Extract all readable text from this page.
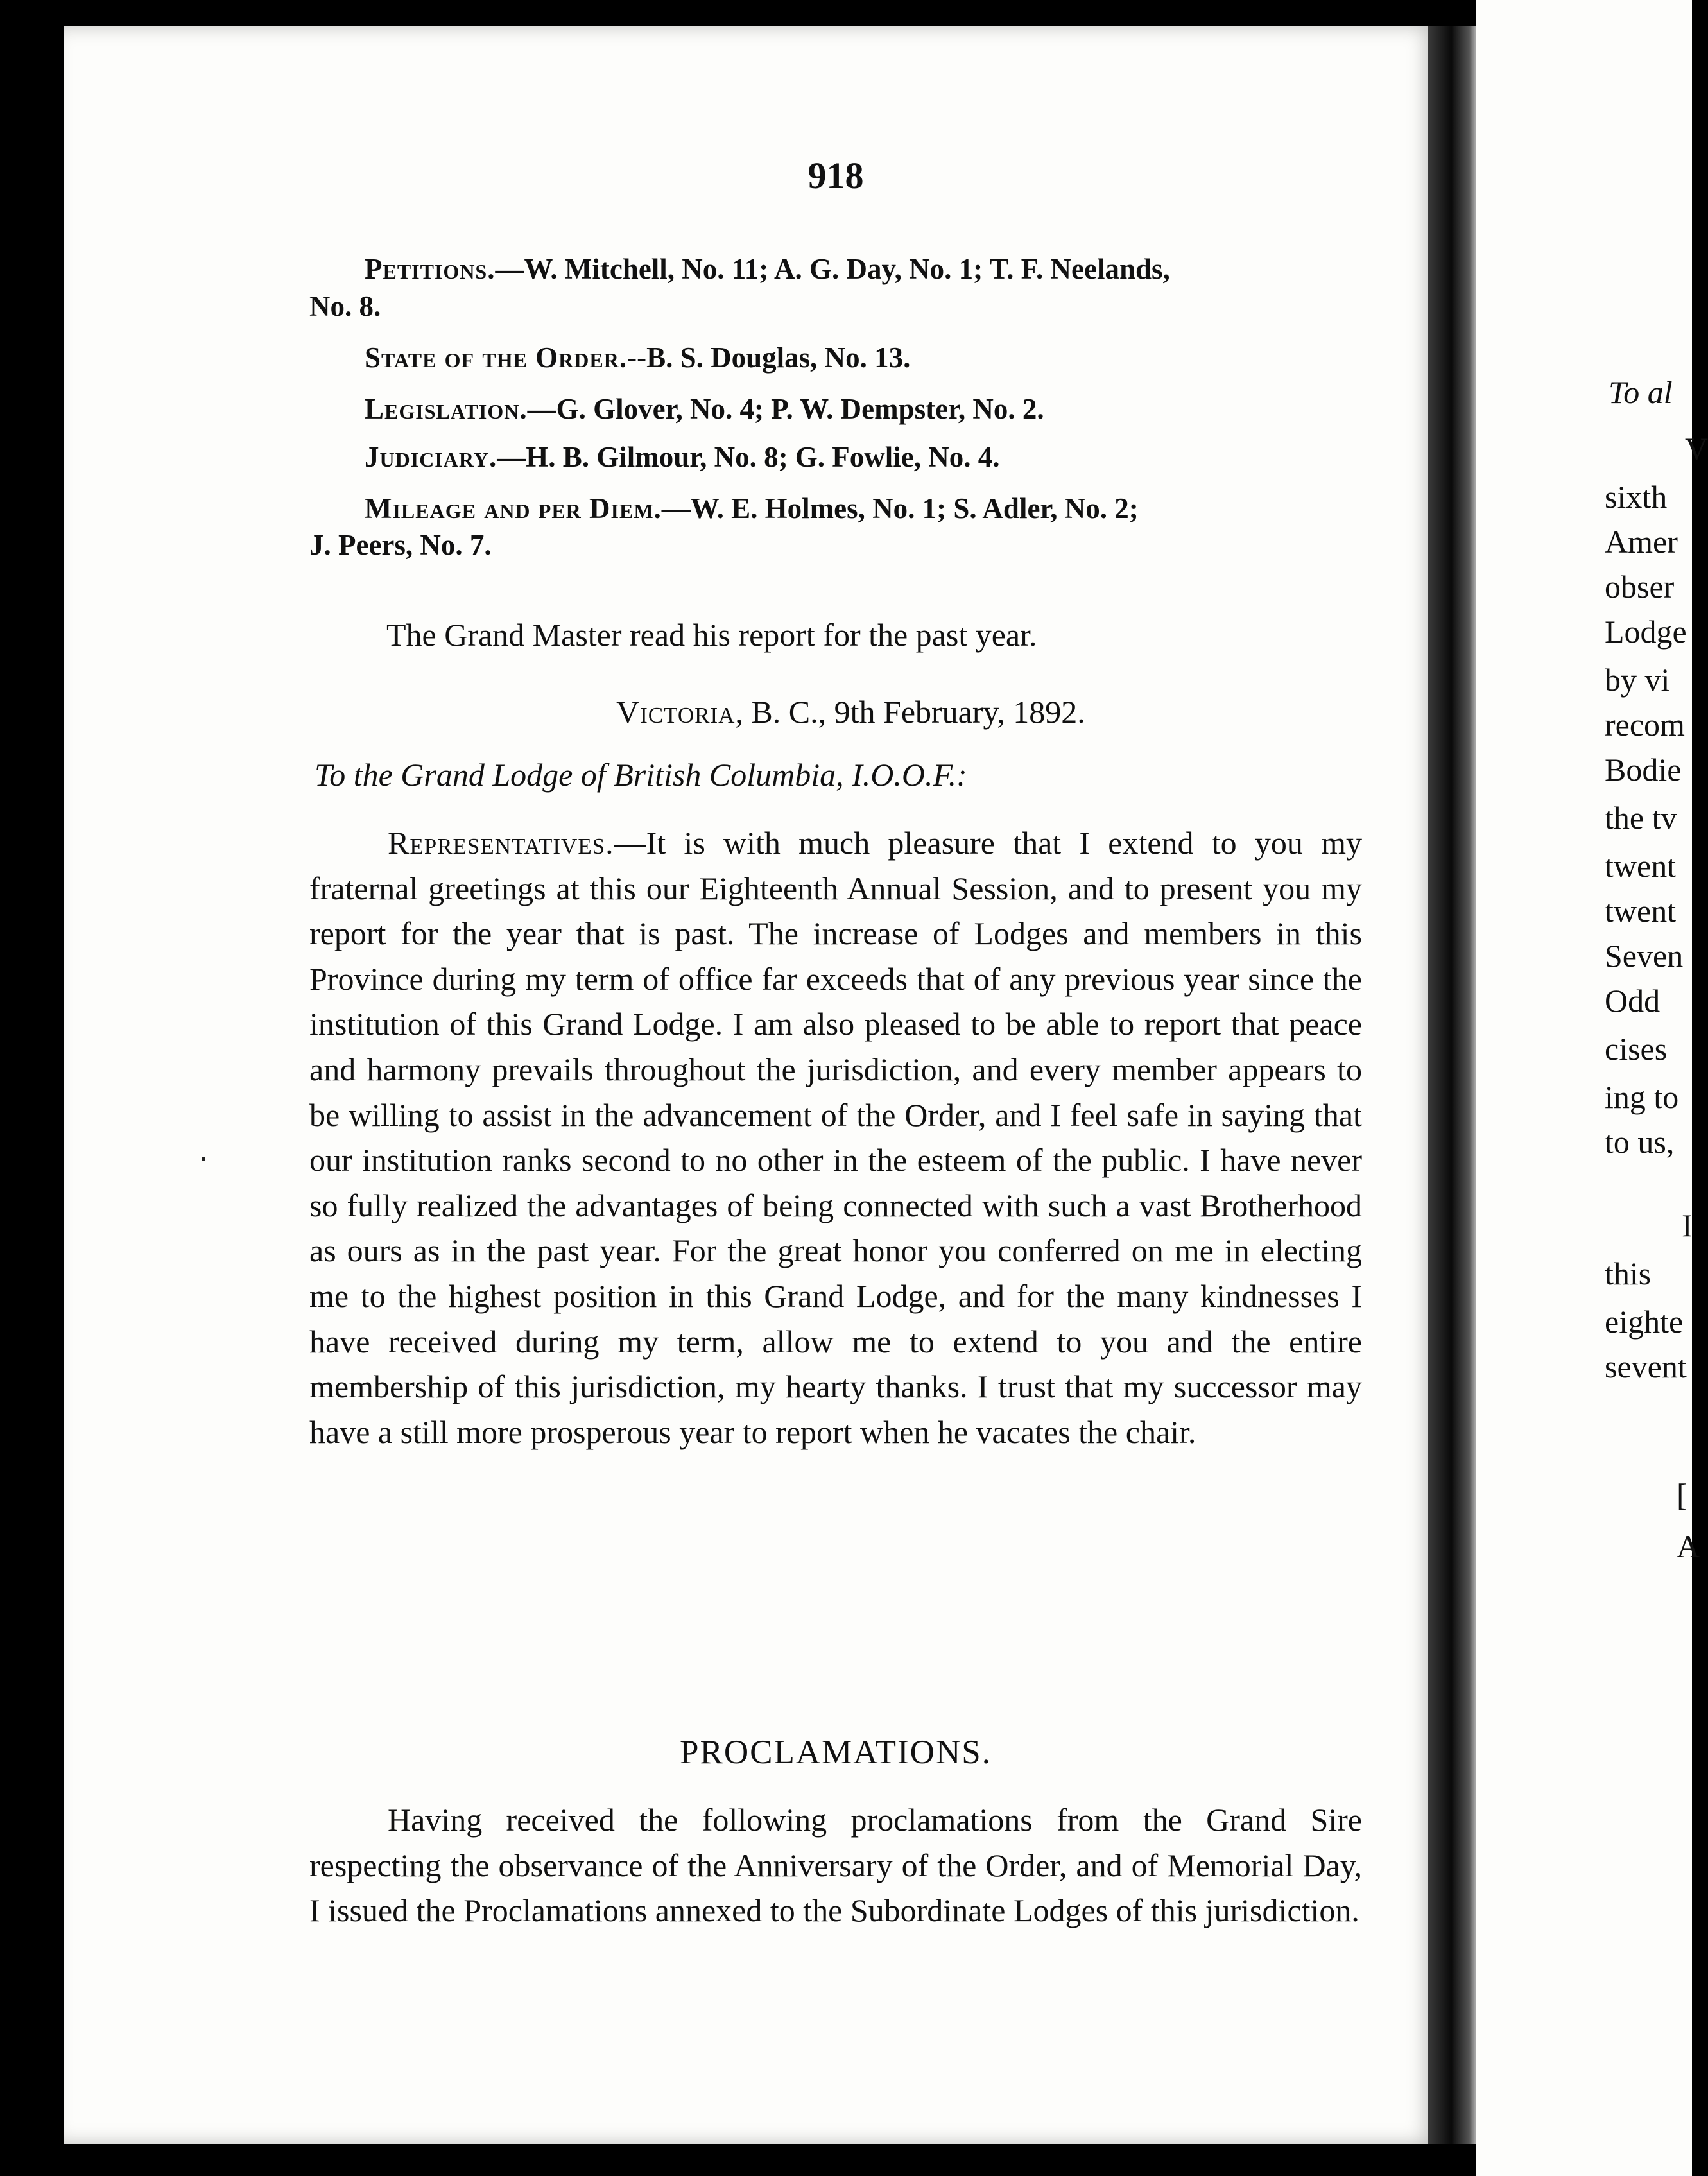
918
Petitions.—W. Mitchell, No. 11; A. G. Day, No. 1; T. F. Neelands,
No. 8.
State of the Order.--B. S. Douglas, No. 13.
Legislation.—G. Glover, No. 4; P. W. Dempster, No. 2.
Judiciary.—H. B. Gilmour, No. 8; G. Fowlie, No. 4.
Mileage and per Diem.—W. E. Holmes, No. 1; S. Adler, No. 2;
J. Peers, No. 7.
The Grand Master read his report for the past year.
Victoria, B. C., 9th February, 1892.
To the Grand Lodge of British Columbia, I.O.O.F.:
Representatives.—It is with much pleasure that I extend to you my fraternal greetings at this our Eighteenth Annual Session, and to present you my report for the year that is past. The increase of Lodges and members in this Province during my term of office far exceeds that of any previous year since the institution of this Grand Lodge. I am also pleased to be able to report that peace and harmony prevails throughout the jurisdiction, and every member appears to be willing to assist in the advancement of the Order, and I feel safe in saying that our institution ranks second to no other in the esteem of the public. I have never so fully realized the advantages of being connected with such a vast Brotherhood as ours as in the past year. For the great honor you conferred on me in electing me to the highest position in this Grand Lodge, and for the many kindnesses I have received during my term, allow me to extend to you and the entire membership of this jurisdiction, my hearty thanks. I trust that my successor may have a still more prosperous year to report when he vacates the chair.
PROCLAMATIONS.
Having received the following proclamations from the Grand Sire respecting the observance of the Anniversary of the Order, and of Memorial Day, I issued the Proclamations annexed to the Subordinate Lodges of this jurisdiction.
To al
V
sixth
Amer
obser
Lodge
by vi
recom
Bodie
the tv
twent
twent
Seven
Odd
cises
ing to
to us,
I
this
eighte
sevent
[
A
